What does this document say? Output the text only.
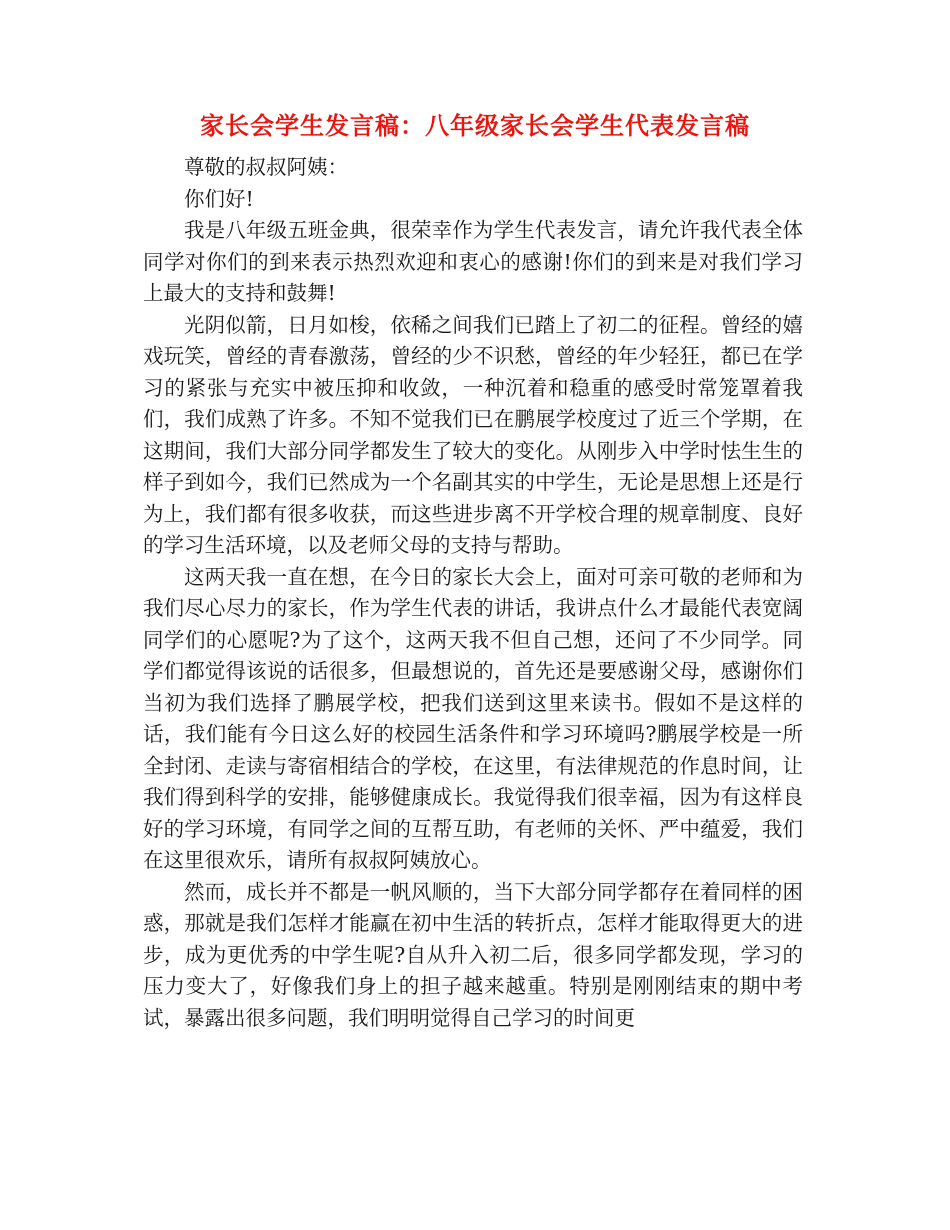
家长会学生发言稿：八年级家长会学生代表发言稿

尊敬的叔叔阿姨：

你们好!

我是八年级五班金典，很荣幸作为学生代表发言，请允许我代表全体同学对你们的到来表示热烈欢迎和衷心的感谢!你们的到来是对我们学习上最大的支持和鼓舞!

光阴似箭，日月如梭，依稀之间我们已踏上了初二的征程。曾经的嬉戏玩笑，曾经的青春激荡，曾经的少不识愁，曾经的年少轻狂，都已在学习的紧张与充实中被压抑和收敛，一种沉着和稳重的感受时常笼罩着我们，我们成熟了许多。不知不觉我们已在鹏展学校度过了近三个学期，在这期间，我们大部分同学都发生了较大的变化。从刚步入中学时怯生生的样子到如今，我们已然成为一个名副其实的中学生，无论是思想上还是行为上，我们都有很多收获，而这些进步离不开学校合理的规章制度、良好的学习生活环境，以及老师父母的支持与帮助。

这两天我一直在想，在今日的家长大会上，面对可亲可敬的老师和为我们尽心尽力的家长，作为学生代表的讲话，我讲点什么才最能代表宽阔同学们的心愿呢?为了这个，这两天我不但自己想，还问了不少同学。同学们都觉得该说的话很多，但最想说的，首先还是要感谢父母，感谢你们当初为我们选择了鹏展学校，把我们送到这里来读书。假如不是这样的话，我们能有今日这么好的校园生活条件和学习环境吗?鹏展学校是一所全封闭、走读与寄宿相结合的学校，在这里，有法律规范的作息时间，让我们得到科学的安排，能够健康成长。我觉得我们很幸福，因为有这样良好的学习环境，有同学之间的互帮互助，有老师的关怀、严中蕴爱，我们在这里很欢乐，请所有叔叔阿姨放心。

然而，成长并不都是一帆风顺的，当下大部分同学都存在着同样的困惑，那就是我们怎样才能赢在初中生活的转折点，怎样才能取得更大的进步，成为更优秀的中学生呢?自从升入初二后，很多同学都发现，学习的压力变大了，好像我们身上的担子越来越重。特别是刚刚结束的期中考试，暴露出很多问题，我们明明觉得自己学习的时间更
